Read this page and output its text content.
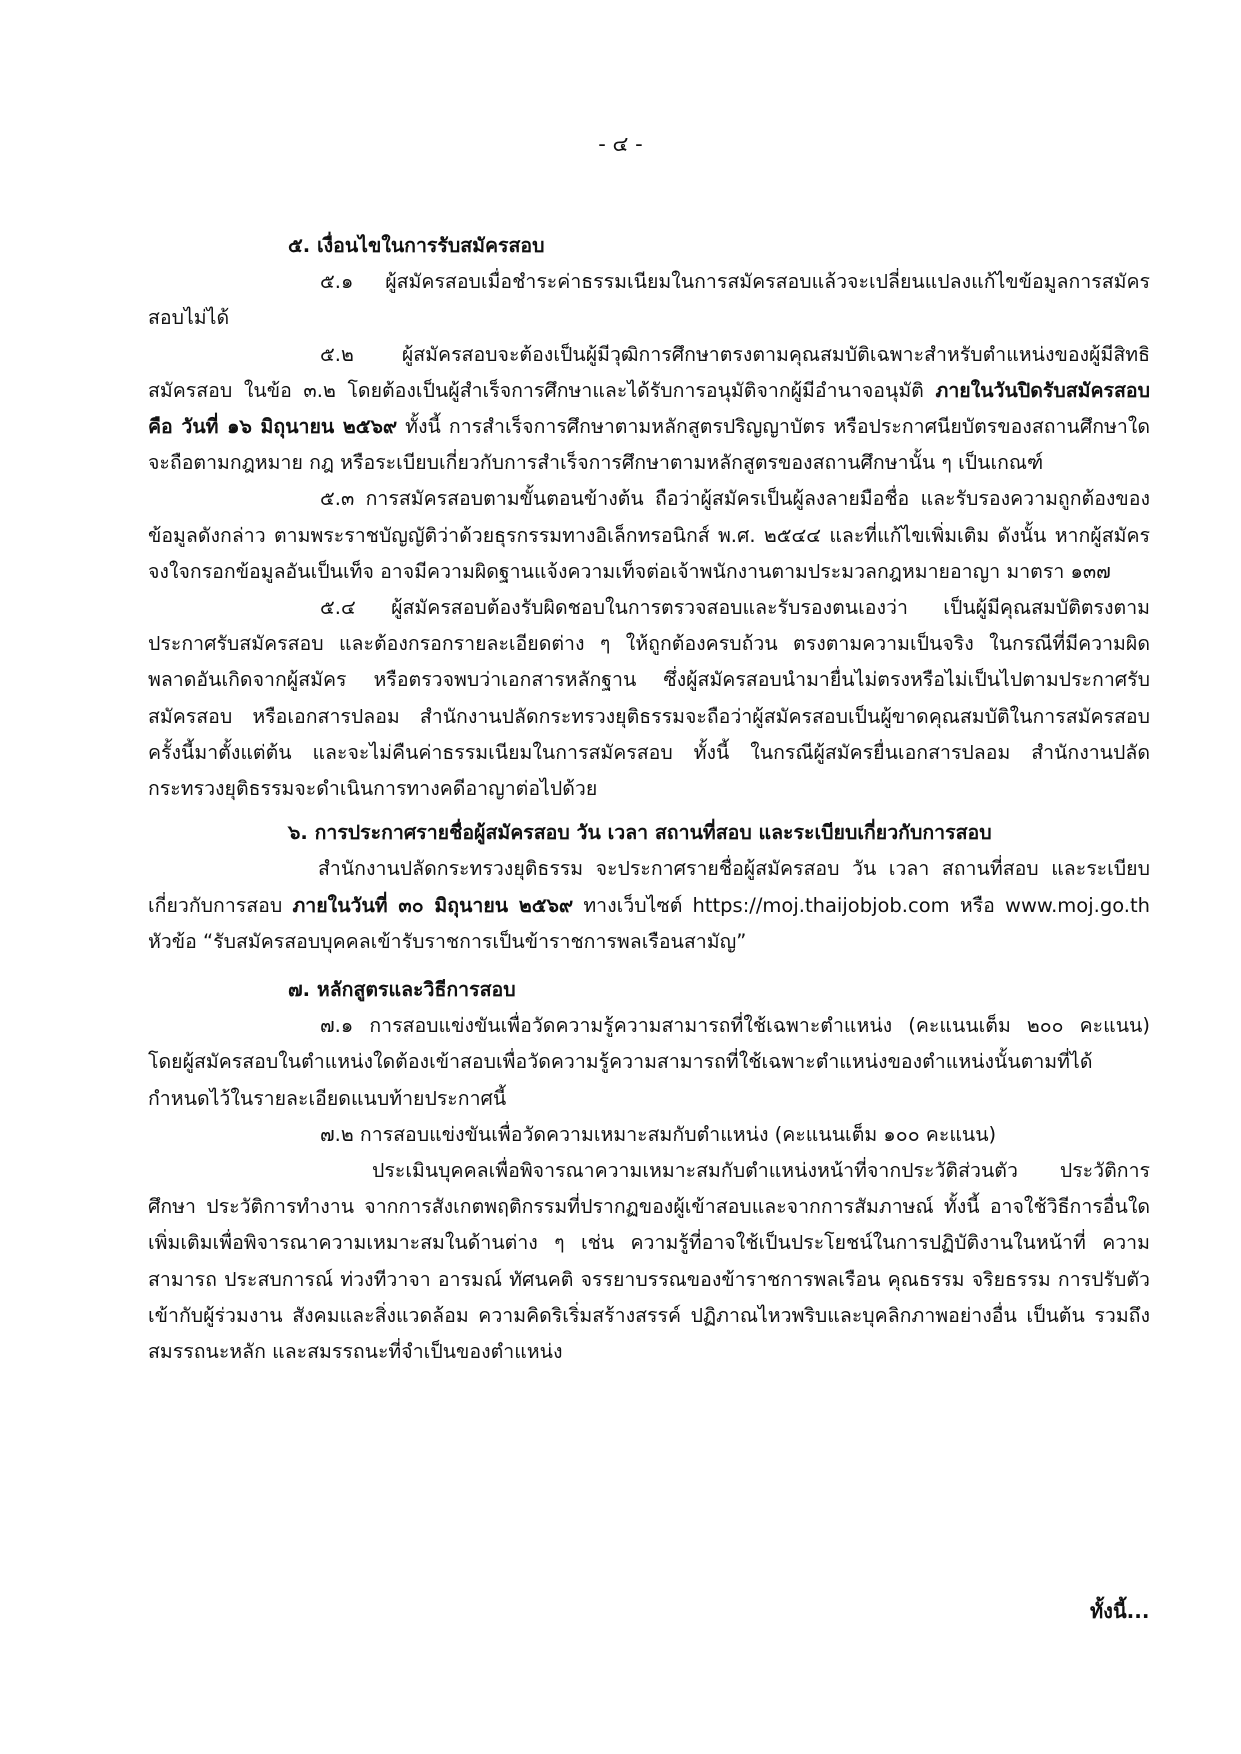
- ๔ -

๕. เงื่อนไขในการรับสมัครสอบ

๕.๑ ผู้สมัครสอบเมื่อชำระค่าธรรมเนียมในการสมัครสอบแล้วจะเปลี่ยนแปลงแก้ไขข้อมูลการสมัครสอบไม่ได้

๕.๒ ผู้สมัครสอบจะต้องเป็นผู้มีวุฒิการศึกษาตรงตามคุณสมบัติเฉพาะสำหรับตำแหน่งของผู้มีสิทธิสมัครสอบ ในข้อ ๓.๒ โดยต้องเป็นผู้สำเร็จการศึกษาและได้รับการอนุมัติจากผู้มีอำนาจอนุมัติ ภายในวันปิดรับสมัครสอบคือ วันที่ ๑๖ มิถุนายน ๒๕๖๙ ทั้งนี้ การสำเร็จการศึกษาตามหลักสูตรปริญญาบัตร หรือประกาศนียบัตรของสถานศึกษาใด จะถือตามกฎหมาย กฎ หรือระเบียบเกี่ยวกับการสำเร็จการศึกษาตามหลักสูตรของสถานศึกษานั้น ๆ เป็นเกณฑ์

๕.๓ การสมัครสอบตามขั้นตอนข้างต้น ถือว่าผู้สมัครเป็นผู้ลงลายมือชื่อ และรับรองความถูกต้องของข้อมูลดังกล่าว ตามพระราชบัญญัติว่าด้วยธุรกรรมทางอิเล็กทรอนิกส์ พ.ศ. ๒๕๔๔ และที่แก้ไขเพิ่มเติม ดังนั้น หากผู้สมัครจงใจกรอกข้อมูลอันเป็นเท็จ อาจมีความผิดฐานแจ้งความเท็จต่อเจ้าพนักงานตามประมวลกฎหมายอาญา มาตรา ๑๓๗

๕.๔ ผู้สมัครสอบต้องรับผิดชอบในการตรวจสอบและรับรองตนเองว่า เป็นผู้มีคุณสมบัติตรงตามประกาศรับสมัครสอบ และต้องกรอกรายละเอียดต่าง ๆ ให้ถูกต้องครบถ้วน ตรงตามความเป็นจริง ในกรณีที่มีความผิดพลาดอันเกิดจากผู้สมัคร หรือตรวจพบว่าเอกสารหลักฐาน ซึ่งผู้สมัครสอบนำมายื่นไม่ตรงหรือไม่เป็นไปตามประกาศรับสมัครสอบ หรือเอกสารปลอม สำนักงานปลัดกระทรวงยุติธรรมจะถือว่าผู้สมัครสอบเป็นผู้ขาดคุณสมบัติในการสมัครสอบครั้งนี้มาตั้งแต่ต้น และจะไม่คืนค่าธรรมเนียมในการสมัครสอบ ทั้งนี้ ในกรณีผู้สมัครยื่นเอกสารปลอม สำนักงานปลัดกระทรวงยุติธรรมจะดำเนินการทางคดีอาญาต่อไปด้วย

๖. การประกาศรายชื่อผู้สมัครสอบ วัน เวลา สถานที่สอบ และระเบียบเกี่ยวกับการสอบ

สำนักงานปลัดกระทรวงยุติธรรม จะประกาศรายชื่อผู้สมัครสอบ วัน เวลา สถานที่สอบ และระเบียบเกี่ยวกับการสอบ ภายในวันที่ ๓๐ มิถุนายน ๒๕๖๙ ทางเว็บไซต์ https://moj.thaijobjob.com หรือ www.moj.go.th หัวข้อ “รับสมัครสอบบุคคลเข้ารับราชการเป็นข้าราชการพลเรือนสามัญ”

๗. หลักสูตรและวิธีการสอบ

๗.๑ การสอบแข่งขันเพื่อวัดความรู้ความสามารถที่ใช้เฉพาะตำแหน่ง (คะแนนเต็ม ๒๐๐ คะแนน) โดยผู้สมัครสอบในตำแหน่งใดต้องเข้าสอบเพื่อวัดความรู้ความสามารถที่ใช้เฉพาะตำแหน่งของตำแหน่งนั้นตามที่ได้กำหนดไว้ในรายละเอียดแนบท้ายประกาศนี้

๗.๒ การสอบแข่งขันเพื่อวัดความเหมาะสมกับตำแหน่ง (คะแนนเต็ม ๑๐๐ คะแนน)

ประเมินบุคคลเพื่อพิจารณาความเหมาะสมกับตำแหน่งหน้าที่จากประวัติส่วนตัว ประวัติการศึกษา ประวัติการทำงาน จากการสังเกตพฤติกรรมที่ปรากฏของผู้เข้าสอบและจากการสัมภาษณ์ ทั้งนี้ อาจใช้วิธีการอื่นใดเพิ่มเติมเพื่อพิจารณาความเหมาะสมในด้านต่าง ๆ เช่น ความรู้ที่อาจใช้เป็นประโยชน์ในการปฏิบัติงานในหน้าที่ ความสามารถ ประสบการณ์ ท่วงทีวาจา อารมณ์ ทัศนคติ จรรยาบรรณของข้าราชการพลเรือน คุณธรรม จริยธรรม การปรับตัวเข้ากับผู้ร่วมงาน สังคมและสิ่งแวดล้อม ความคิดริเริ่มสร้างสรรค์ ปฏิภาณไหวพริบและบุคลิกภาพอย่างอื่น เป็นต้น รวมถึงสมรรถนะหลัก และสมรรถนะที่จำเป็นของตำแหน่ง

ทั้งนี้...
